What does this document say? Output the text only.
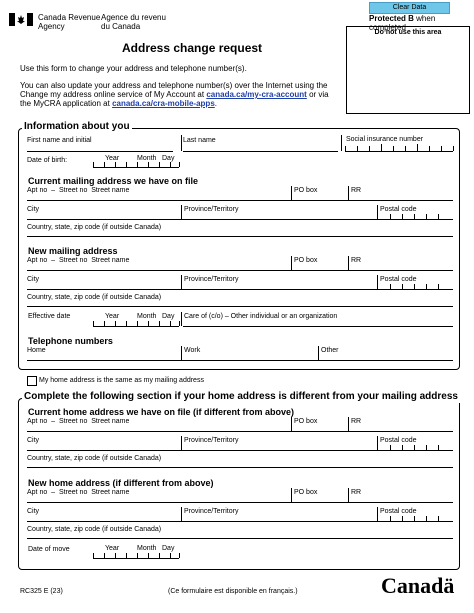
Canada Revenue
Agency
Agence du revenu
du Canada
Clear Data
Protected B when completed
Do not use this area
Address change request
Use this form to change your address and telephone number(s).
You can also update your address and telephone number(s) over the Internet using the
Change my address online service of My Account at canada.ca/my-cra-account or via
the MyCRA application at canada.ca/cra-mobile-apps.
Information about you
First name and initial	Last name	Social insurance number
Date of birth:	Year	Month Day
Current mailing address we have on file
Apt no – Street no Street name	PO box	RR
City	Province/Territory	Postal code
Country, state, zip code (if outside Canada)
New mailing address
Apt no – Street no Street name	PO box	RR
City	Province/Territory	Postal code
Country, state, zip code (if outside Canada)
Effective date	Year	Month Day Care of (c/o) – Other individual or an organization
Telephone numbers
Home	Work	Other
My home address is the same as my mailing address
Complete the following section if your home address is different from your mailing address
Current home address we have on file (if different from above)
Apt no – Street no Street name	PO box	RR
City	Province/Territory	Postal code
Country, state, zip code (if outside Canada)
New home address (if different from above)
Apt no – Street no Street name	PO box	RR
City	Province/Territory	Postal code
Country, state, zip code (if outside Canada)
Date of move	Year	Month Day
RC325 E (23)	(Ce formulaire est disponible en français.)	Canadä
